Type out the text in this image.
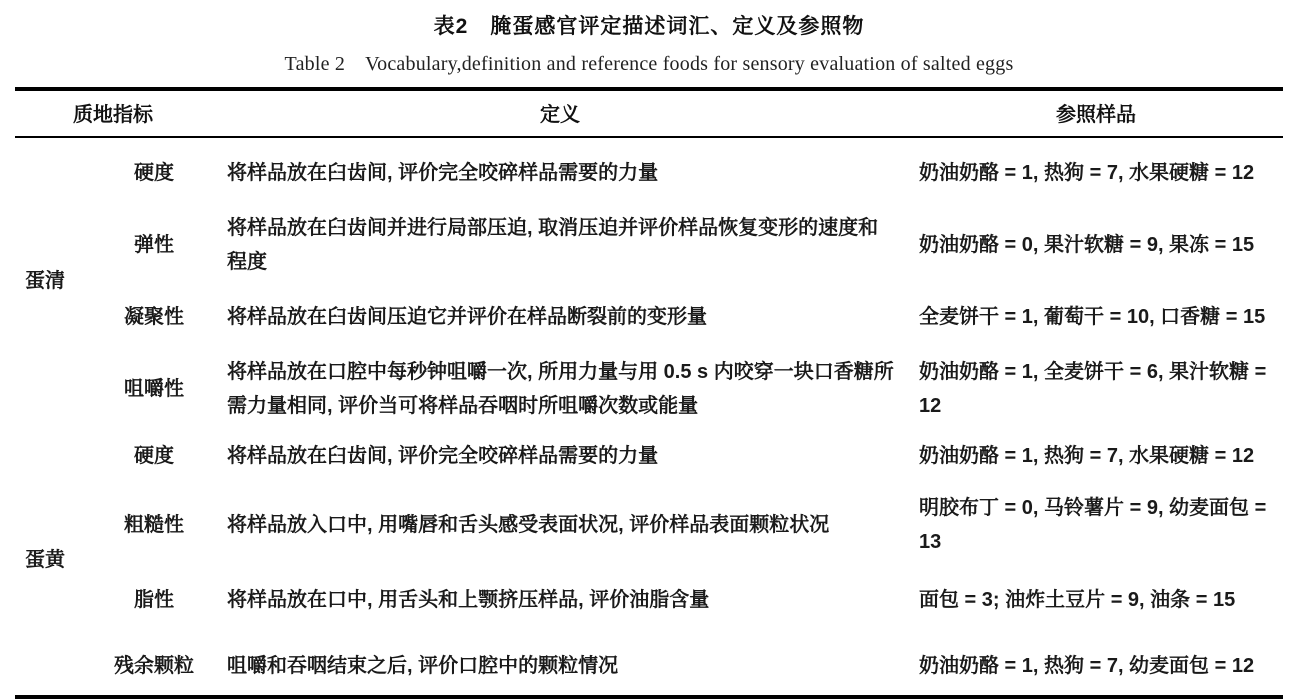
表2 腌蛋感官评定描述词汇、定义及参照物
Table 2 Vocabulary,definition and reference foods for sensory evaluation of salted eggs
质地指标		定义	参照样品
蛋清	硬度	将样品放在臼齿间, 评价完全咬碎样品需要的力量	奶油奶酪 = 1, 热狗 = 7, 水果硬糖 = 12
	弹性	将样品放在臼齿间并进行局部压迫, 取消压迫并评价样品恢复变形的速度和程度	奶油奶酪 = 0, 果汁软糖 = 9, 果冻 = 15
	凝聚性	将样品放在臼齿间压迫它并评价在样品断裂前的变形量	全麦饼干 = 1, 葡萄干 = 10, 口香糖 = 15
	咀嚼性	将样品放在口腔中每秒钟咀嚼一次, 所用力量与用 0.5 s 内咬穿一块口香糖所需力量相同, 评价当可将样品吞咽时所咀嚼次数或能量	奶油奶酪 = 1, 全麦饼干 = 6, 果汁软糖 = 12
蛋黄	硬度	将样品放在臼齿间, 评价完全咬碎样品需要的力量	奶油奶酪 = 1, 热狗 = 7, 水果硬糖 = 12
	粗糙性	将样品放入口中, 用嘴唇和舌头感受表面状况, 评价样品表面颗粒状况	明胶布丁 = 0, 马铃薯片 = 9, 幼麦面包 = 13
	脂性	将样品放在口中, 用舌头和上颚挤压样品, 评价油脂含量	面包 = 3; 油炸土豆片 = 9, 油条 = 15
	残余颗粒	咀嚼和吞咽结束之后, 评价口腔中的颗粒情况	奶油奶酪 = 1, 热狗 = 7, 幼麦面包 = 12
